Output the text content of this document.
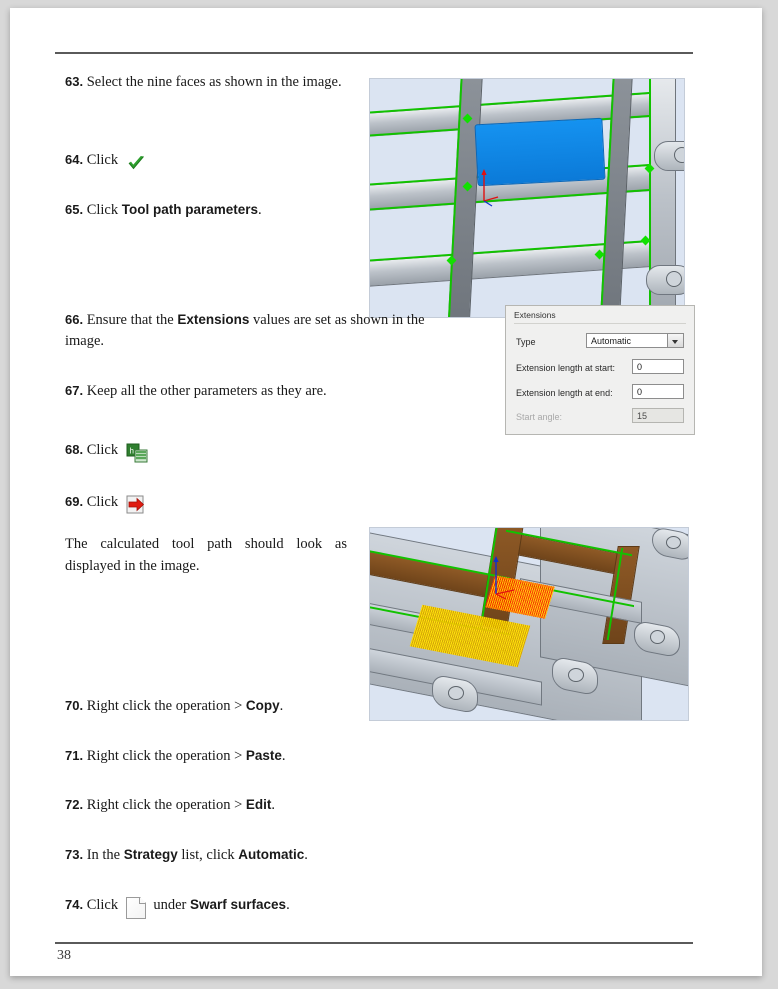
63. Select the nine faces as shown in the image.
64. Click
65. Click Tool path parameters.
66. Ensure that the Extensions values are set as shown in the image.
Extensions
Type	Automatic
Extension length at start:	0
Extension length at end:	0
Start angle:	15
67. Keep all the other parameters as they are.
68. Click h
69. Click
The calculated tool path should look as displayed in the image.
70. Right click the operation > Copy.
71. Right click the operation > Paste.
72. Right click the operation > Edit.
73. In the Strategy list, click Automatic.
74. Click under Swarf surfaces.
38
